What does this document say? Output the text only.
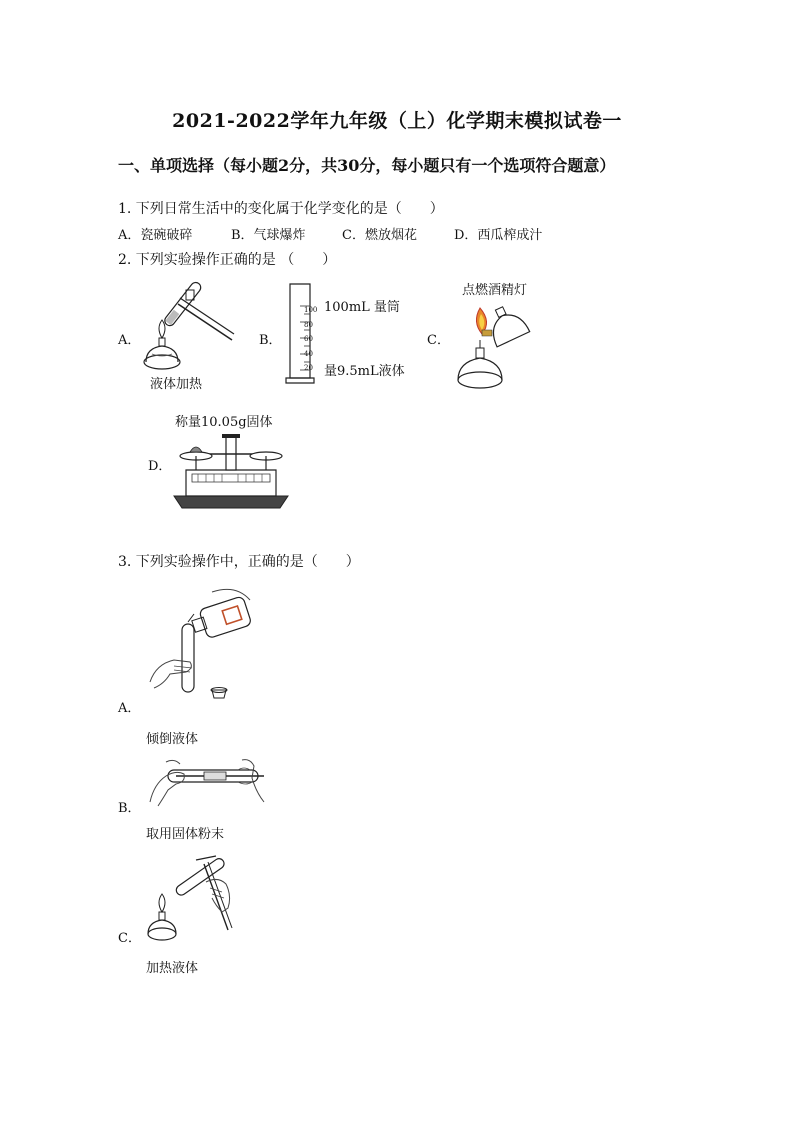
2021-2022学年九年级（上）化学期末模拟试卷一
一、单项选择（每小题2分，共30分，每小题只有一个选项符合题意）
1. 下列日常生活中的变化属于化学变化的是（　　）
A．瓷碗破碎	B．气球爆炸	C．燃放烟花	D．西瓜榨成汁
2. 下列实验操作正确的是 （　　）
A．
液体加热
B．
100
80
60
40
20
100mL 量筒
量9.5mL液体
C．
点燃酒精灯
D．
称量10.05g固体
3. 下列实验操作中，正确的是（　　）
A．
倾倒液体
B．
取用固体粉末
C．
加热液体
